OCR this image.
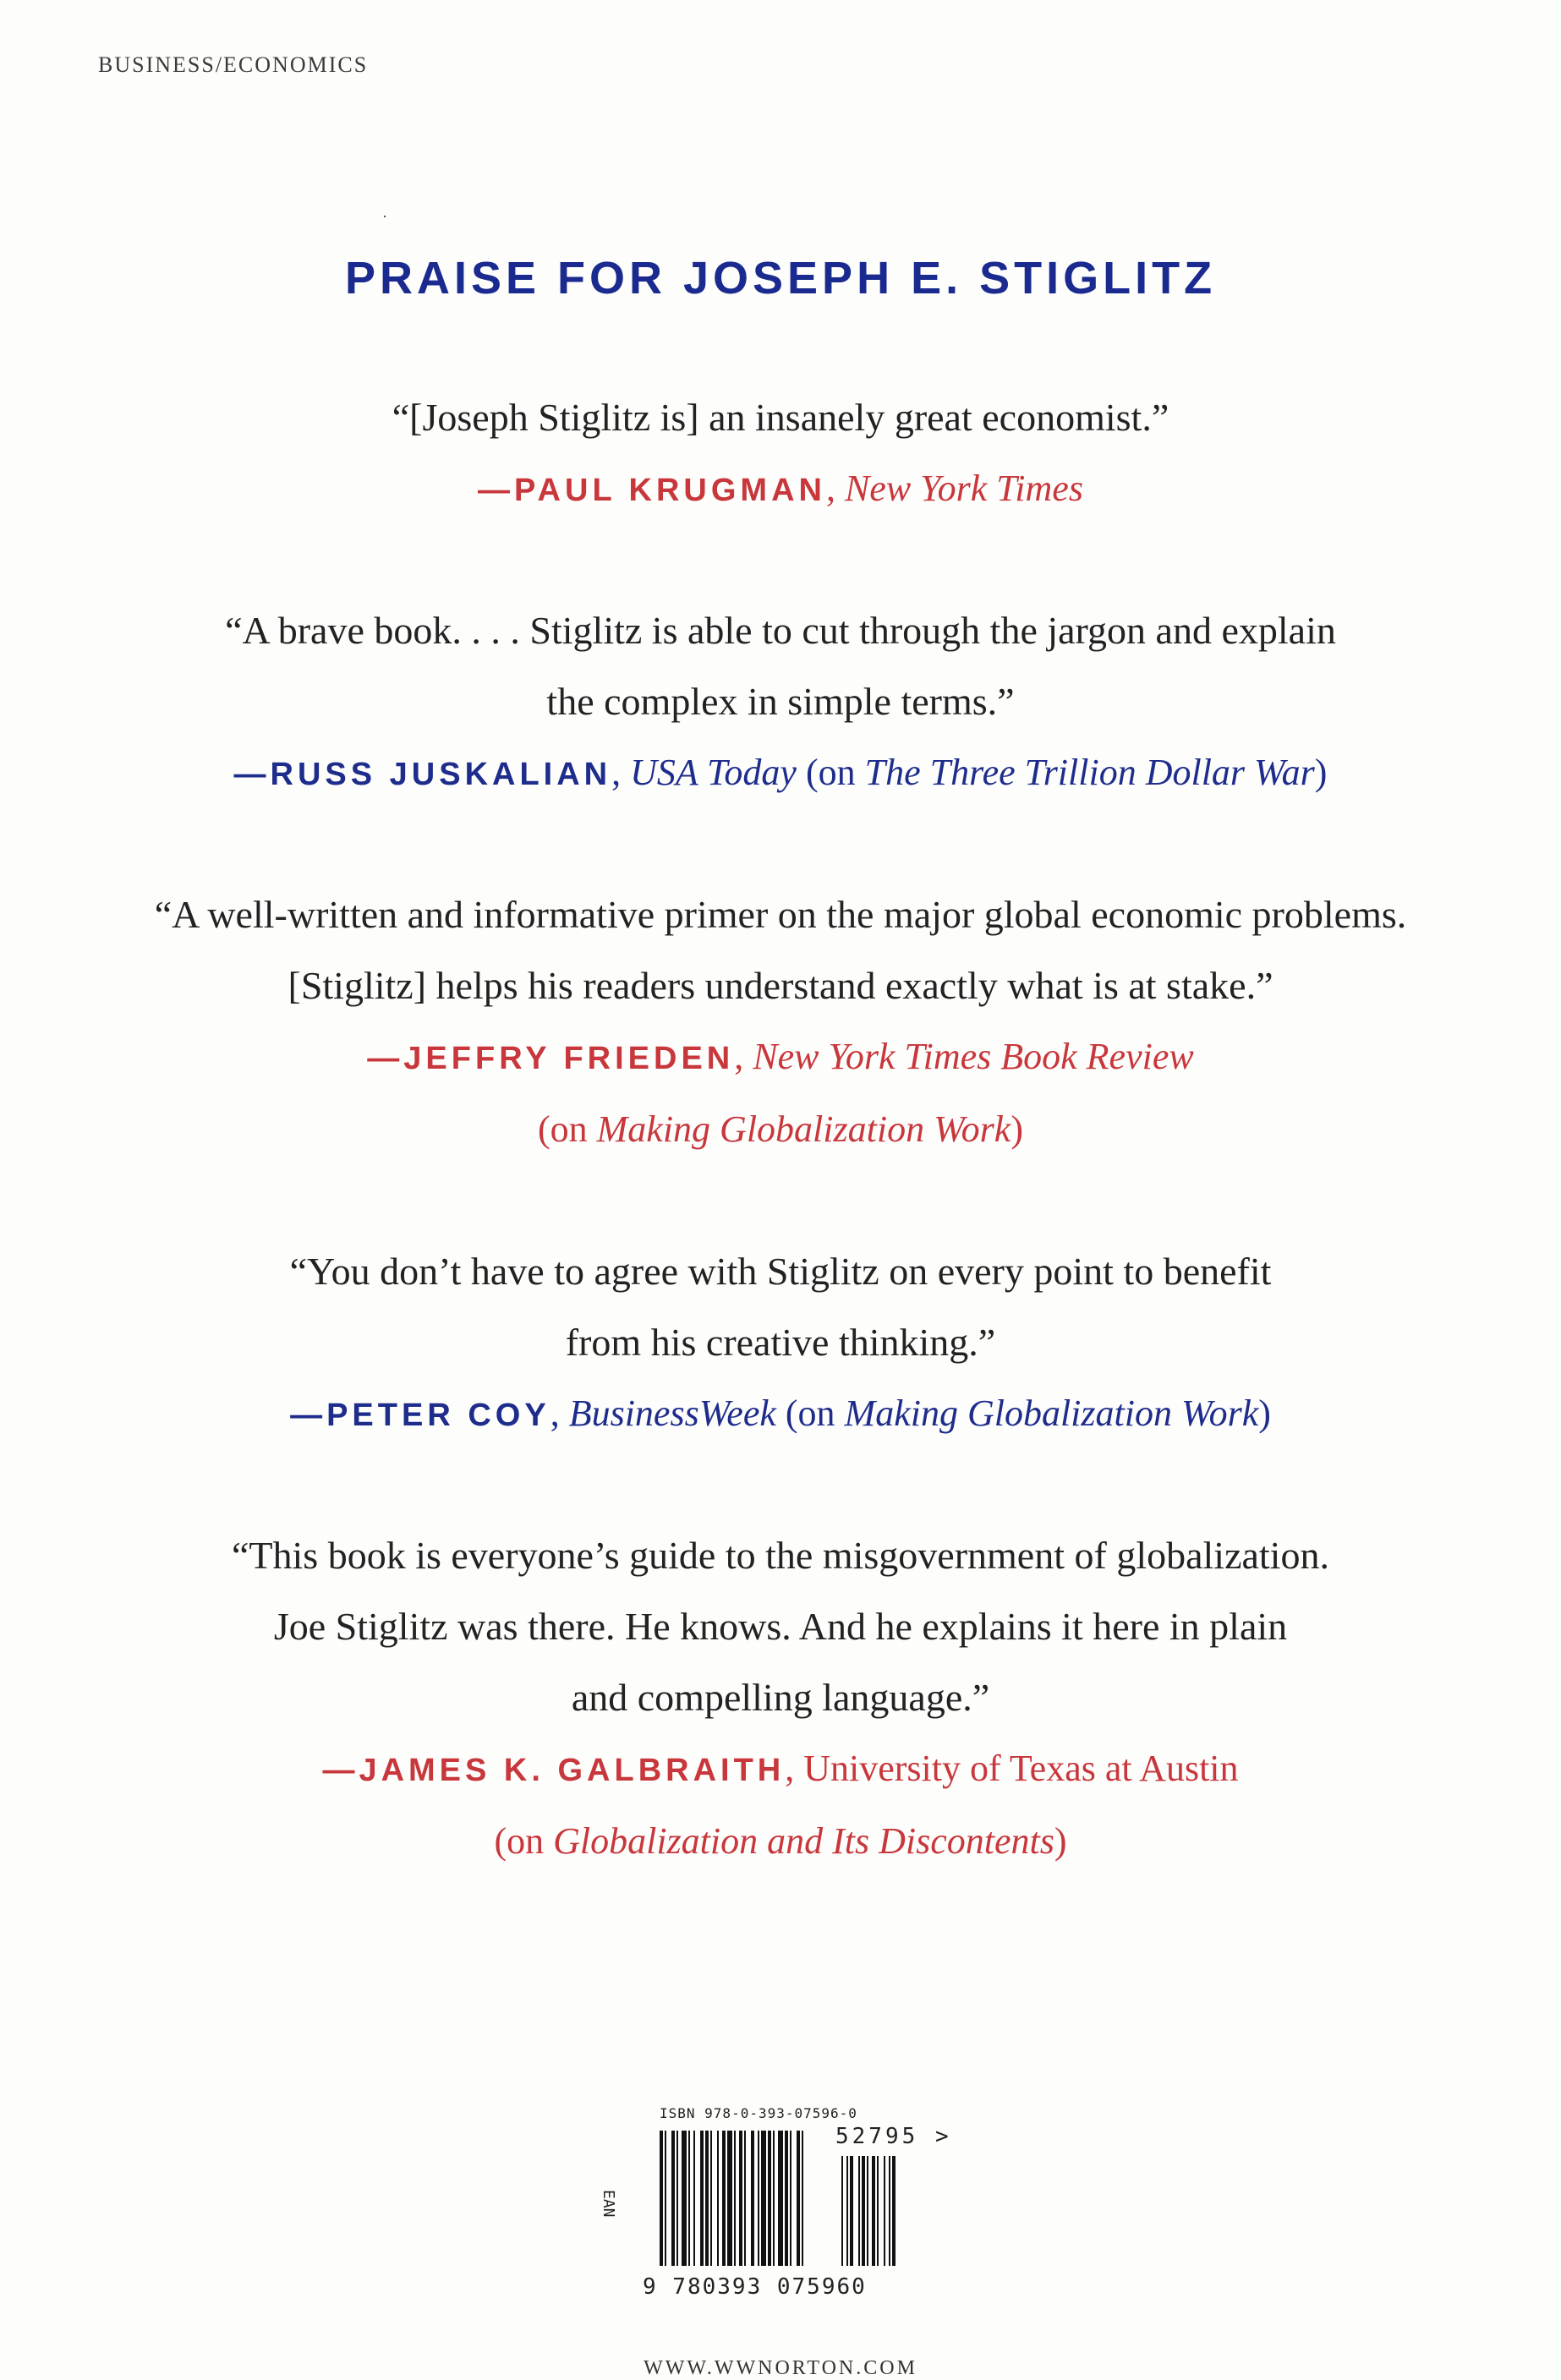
BUSINESS/ECONOMICS
·
PRAISE FOR JOSEPH E. STIGLITZ
“[Joseph Stiglitz is] an insanely great economist.”
—PAUL KRUGMAN, New York Times
“A brave book. . . . Stiglitz is able to cut through the jargon and explain
the complex in simple terms.”
—RUSS JUSKALIAN, USA Today (on The Three Trillion Dollar War)
“A well-written and informative primer on the major global economic problems.
[Stiglitz] helps his readers understand exactly what is at stake.”
—JEFFRY FRIEDEN, New York Times Book Review
(on Making Globalization Work)
“You don’t have to agree with Stiglitz on every point to benefit
from his creative thinking.”
—PETER COY, BusinessWeek (on Making Globalization Work)
“This book is everyone’s guide to the misgovernment of globalization.
Joe Stiglitz was there. He knows. And he explains it here in plain
and compelling language.”
—JAMES K. GALBRAITH, University of Texas at Austin
(on Globalization and Its Discontents)
ISBN 978-0-393-07596-0
EAN
52795 >
9 780393 075960
WWW.WWNORTON.COM
